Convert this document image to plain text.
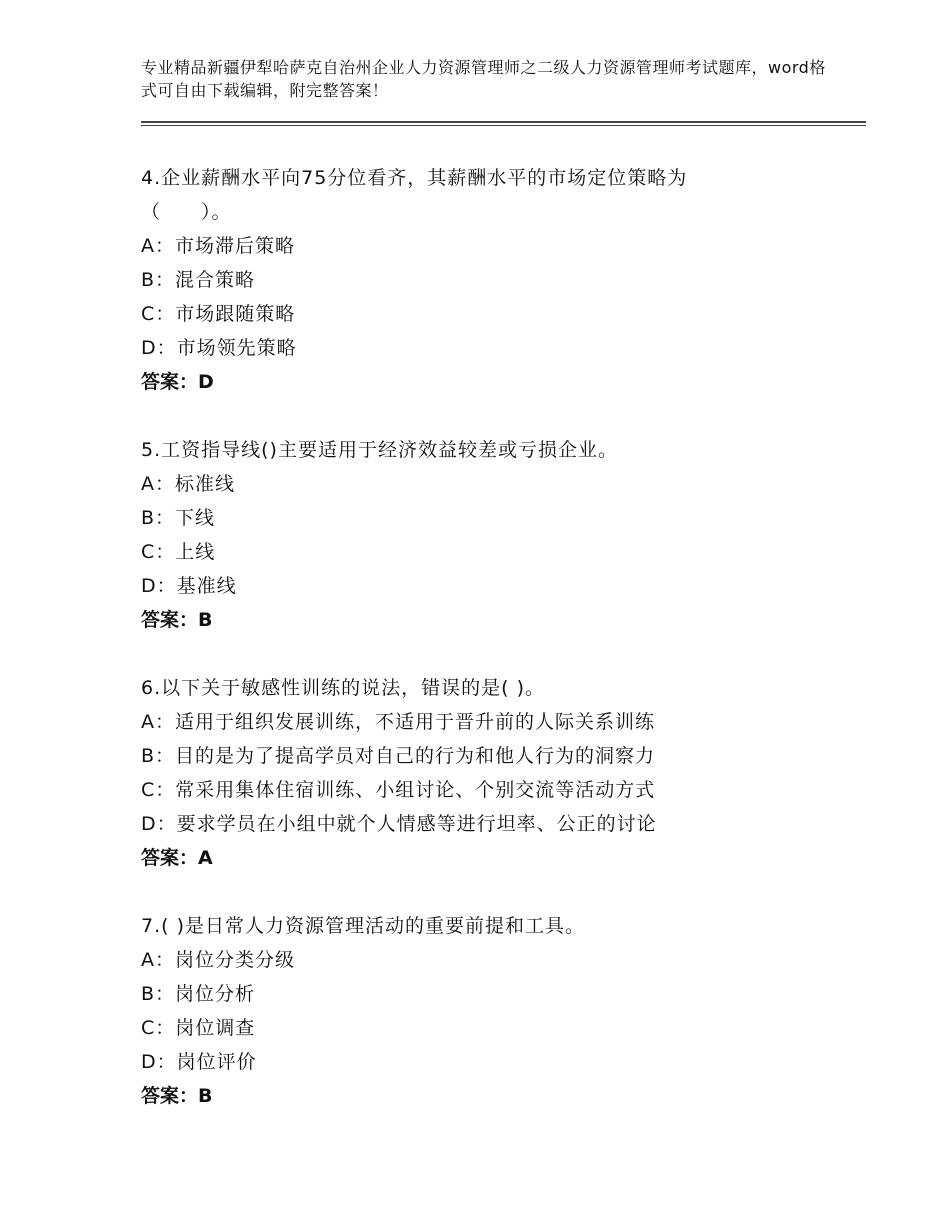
专业精品新疆伊犁哈萨克自治州企业人力资源管理师之二级人力资源管理师考试题库，word格式可自由下载编辑，附完整答案！
4.企业薪酬水平向75分位看齐，其薪酬水平的市场定位策略为（　　）。
A：市场滞后策略
B：混合策略
C：市场跟随策略
D：市场领先策略
答案：D
5.工资指导线()主要适用于经济效益较差或亏损企业。
A：标准线
B：下线
C：上线
D：基准线
答案：B
6.以下关于敏感性训练的说法，错误的是( )。
A：适用于组织发展训练，不适用于晋升前的人际关系训练
B：目的是为了提高学员对自己的行为和他人行为的洞察力
C：常采用集体住宿训练、小组讨论、个别交流等活动方式
D：要求学员在小组中就个人情感等进行坦率、公正的讨论
答案：A
7.( )是日常人力资源管理活动的重要前提和工具。
A：岗位分类分级
B：岗位分析
C：岗位调查
D：岗位评价
答案：B
